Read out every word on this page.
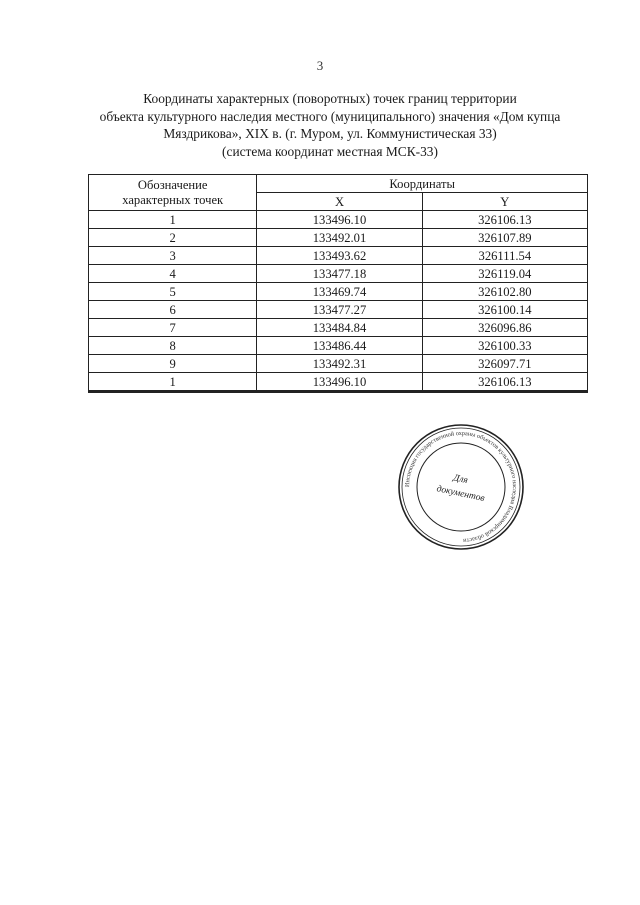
3
Координаты характерных (поворотных) точек границ территории
объекта культурного наследия местного (муниципального) значения «Дом купца
Мяздрикова», XIX в. (г. Муром, ул. Коммунистическая 33)
(система координат местная МСК-33)
Обозначение
характерных точек	Координаты	
	X	Y
1	133496.10	326106.13
2	133492.01	326107.89
3	133493.62	326111.54
4	133477.18	326119.04
5	133469.74	326102.80
6	133477.27	326100.14
7	133484.84	326096.86
8	133486.44	326100.33
9	133492.31	326097.71
1	133496.10	326106.13
Инспекция государственной охраны объектов культурного наследия Владимирской области
Для
документов
